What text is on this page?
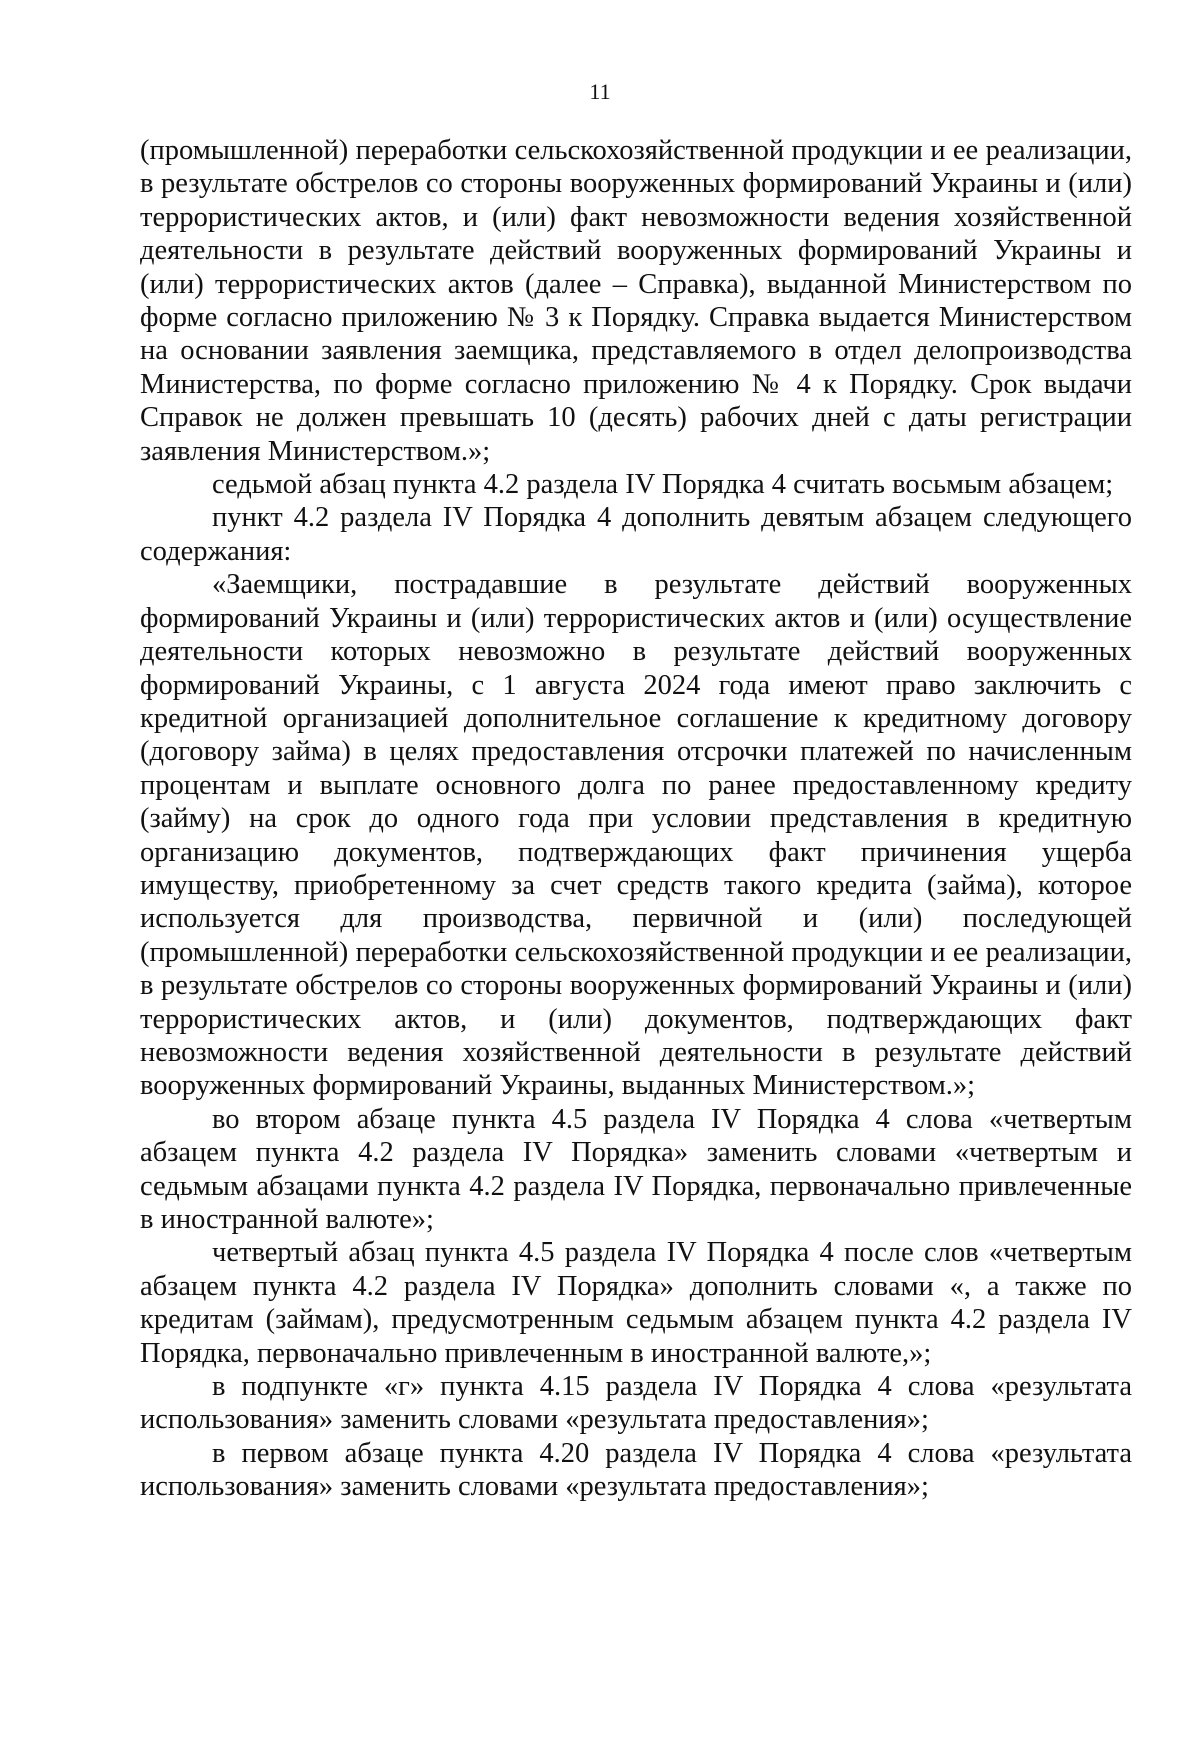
11

(промышленной) переработки сельскохозяйственной продукции и ее реализации, в результате обстрелов со стороны вооруженных формирований Украины и (или) террористических актов, и (или) факт невозможности ведения хозяйственной деятельности в результате действий вооруженных формирований Украины и (или) террористических актов (далее – Справка), выданной Министерством по форме согласно приложению № 3 к Порядку. Справка выдается Министерством на основании заявления заемщика, представляемого в отдел делопроизводства Министерства, по форме согласно приложению № 4 к Порядку. Срок выдачи Справок не должен превышать 10 (десять) рабочих дней с даты регистрации заявления Министерством.»;

седьмой абзац пункта 4.2 раздела IV Порядка 4 считать восьмым абзацем;

пункт 4.2 раздела IV Порядка 4 дополнить девятым абзацем следующего содержания:

«Заемщики, пострадавшие в результате действий вооруженных формирований Украины и (или) террористических актов и (или) осуществление деятельности которых невозможно в результате действий вооруженных формирований Украины, с 1 августа 2024 года имеют право заключить с кредитной организацией дополнительное соглашение к кредитному договору (договору займа) в целях предоставления отсрочки платежей по начисленным процентам и выплате основного долга по ранее предоставленному кредиту (займу) на срок до одного года при условии представления в кредитную организацию документов, подтверждающих факт причинения ущерба имуществу, приобретенному за счет средств такого кредита (займа), которое используется для производства, первичной и (или) последующей (промышленной) переработки сельскохозяйственной продукции и ее реализации, в результате обстрелов со стороны вооруженных формирований Украины и (или) террористических актов, и (или) документов, подтверждающих факт невозможности ведения хозяйственной деятельности в результате действий вооруженных формирований Украины, выданных Министерством.»;

во втором абзаце пункта 4.5 раздела IV Порядка 4 слова «четвертым абзацем пункта 4.2 раздела IV Порядка» заменить словами «четвертым и седьмым абзацами пункта 4.2 раздела IV Порядка, первоначально привлеченные в иностранной валюте»;

четвертый абзац пункта 4.5 раздела IV Порядка 4 после слов «четвертым абзацем пункта 4.2 раздела IV Порядка» дополнить словами «, а также по кредитам (займам), предусмотренным седьмым абзацем пункта 4.2 раздела IV Порядка, первоначально привлеченным в иностранной валюте,»;

в подпункте «г» пункта 4.15 раздела IV Порядка 4 слова «результата использования» заменить словами «результата предоставления»;

в первом абзаце пункта 4.20 раздела IV Порядка 4 слова «результата использования» заменить словами «результата предоставления»;
